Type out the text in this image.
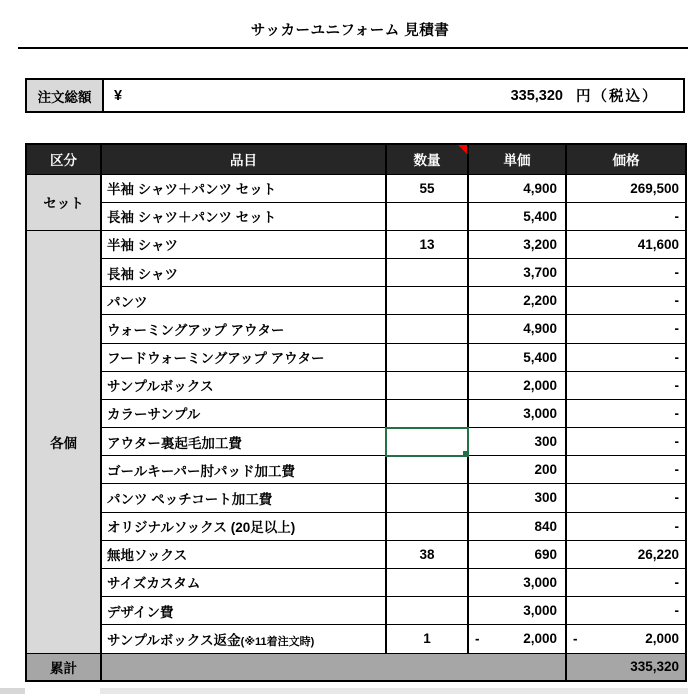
サッカーユニフォーム 見積書
注文総額	¥	335,320 円（税込）
区分	品目	数量	単価	価格
セット	半袖 シャツ＋パンツ セット	55	4,900	269,500
	長袖 シャツ＋パンツ セット		5,400	-
各個	半袖 シャツ	13	3,200	41,600
	長袖 シャツ		3,700	-
	パンツ		2,200	-
	ウォーミングアップ アウター		4,900	-
	フードウォーミングアップ アウター		5,400	-
	サンプルボックス		2,000	-
	カラーサンプル		3,000	-
	アウター裏起毛加工費		300	-
	ゴールキーパー肘パッド加工費		200	-
	パンツ ペッチコート加工費		300	-
	オリジナルソックス (20足以上)		840	-
	無地ソックス	38	690	26,220
	サイズカスタム		3,000	-
	デザイン費		3,000	-
	サンプルボックス返金(※11着注文時)	1	- 2,000	- 2,000
累計				335,320
